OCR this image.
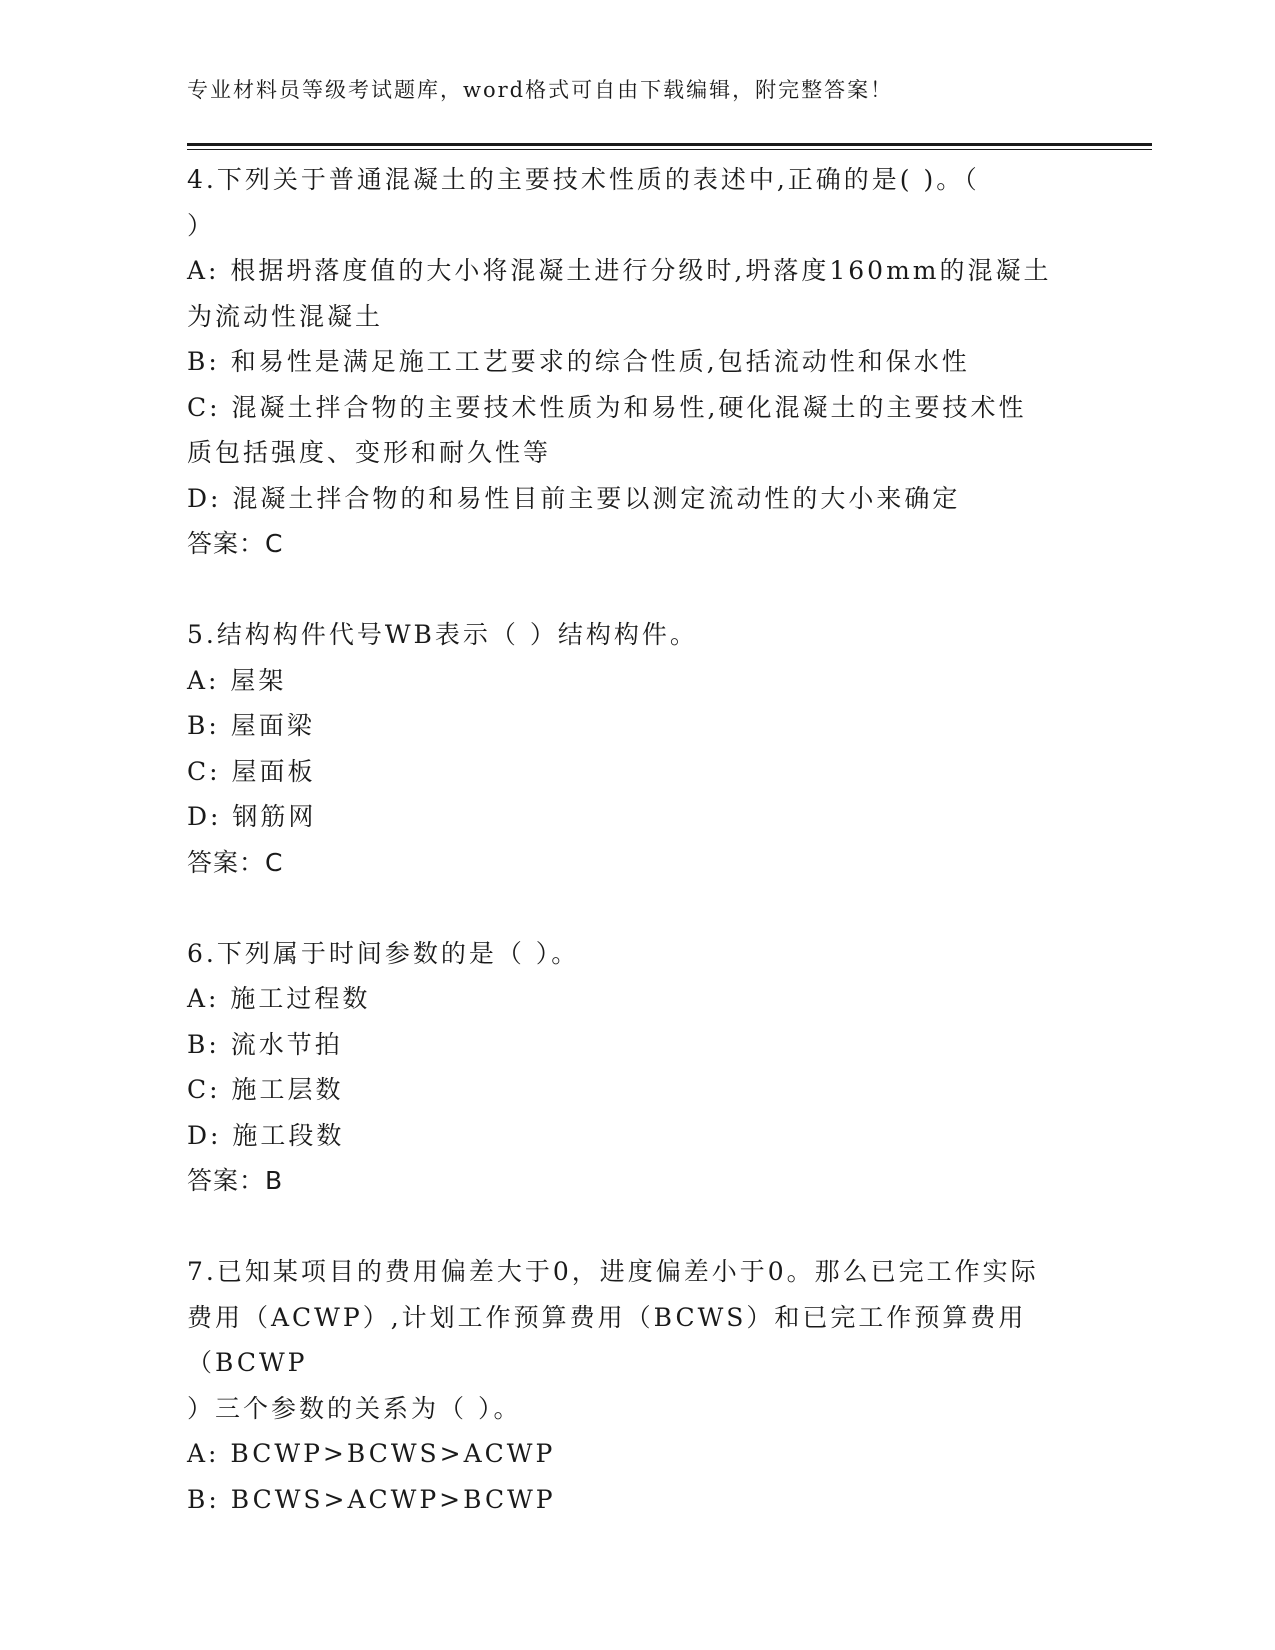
专业材料员等级考试题库，word格式可自由下载编辑，附完整答案！
4.下列关于普通混凝土的主要技术性质的表述中,正确的是( )。（
）
A: 根据坍落度值的大小将混凝土进行分级时,坍落度160mm的混凝土
为流动性混凝土
B: 和易性是满足施工工艺要求的综合性质,包括流动性和保水性
C: 混凝土拌合物的主要技术性质为和易性,硬化混凝土的主要技术性
质包括强度、变形和耐久性等
D: 混凝土拌合物的和易性目前主要以测定流动性的大小来确定
答案：C
5.结构构件代号WB表示（ ）结构构件。
A: 屋架
B: 屋面梁
C: 屋面板
D: 钢筋网
答案：C
6.下列属于时间参数的是（ ）。
A: 施工过程数
B: 流水节拍
C: 施工层数
D: 施工段数
答案：B
7.已知某项目的费用偏差大于0，进度偏差小于0。那么已完工作实际
费用（ACWP）,计划工作预算费用（BCWS）和已完工作预算费用（BCWP
）三个参数的关系为（ ）。
A: BCWP>BCWS>ACWP
B: BCWS>ACWP>BCWP
